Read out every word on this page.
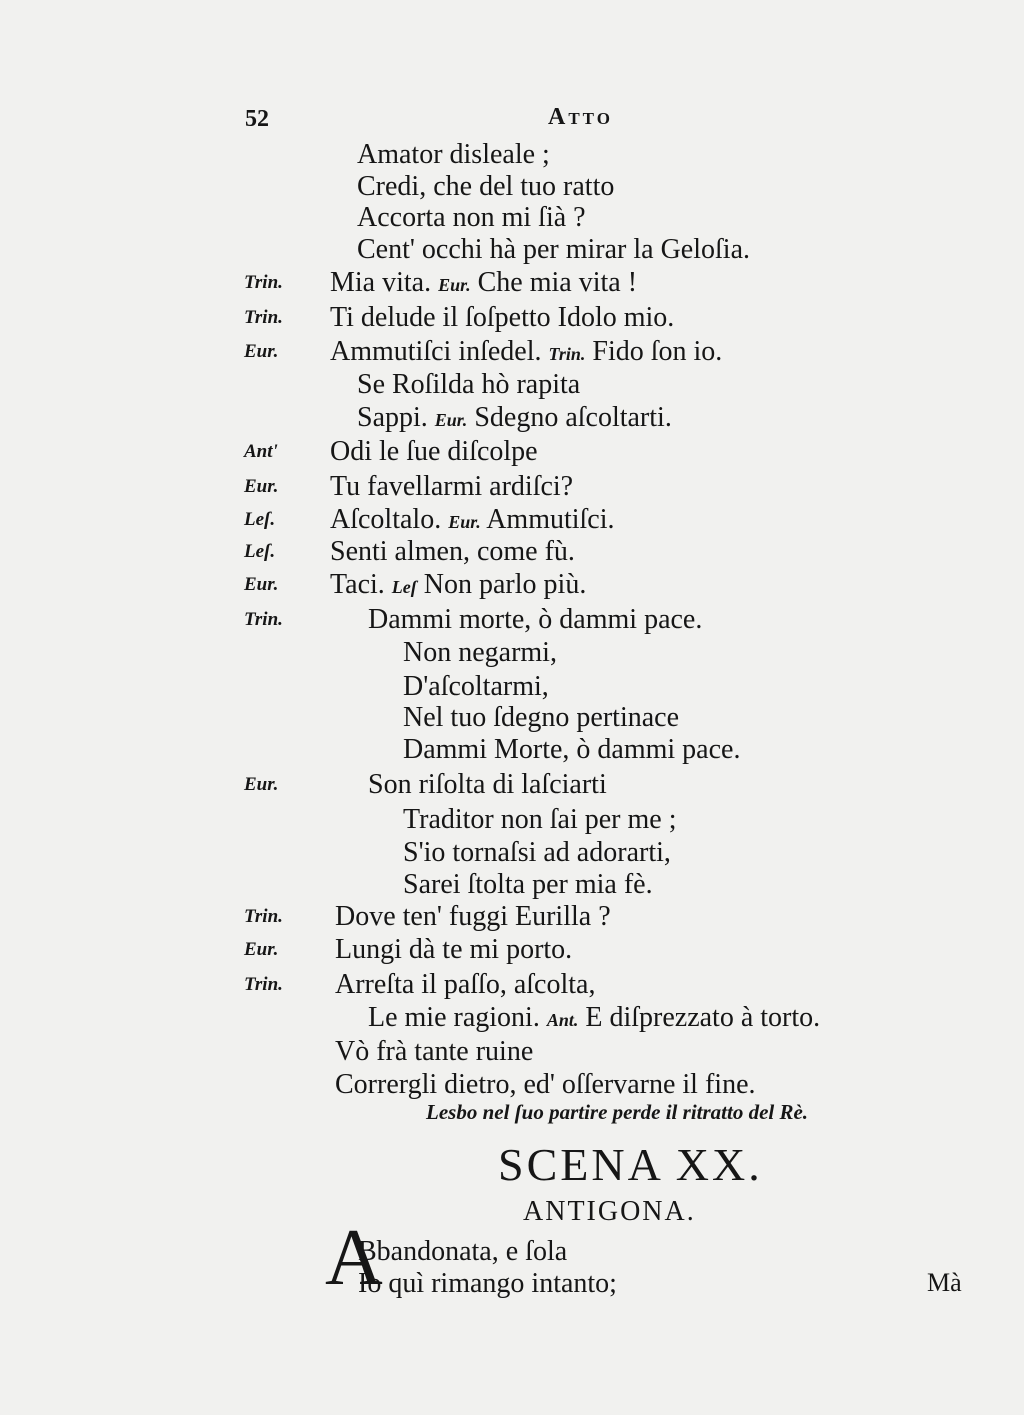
52	Atto
Amator disleale ;
Credi, che del tuo ratto
Accorta non mi ſià ?
Cent' occhi hà per mirar la Geloſia.
Trin. Mia vita. Eur. Che mia vita !
Trin. Ti delude il ſoſpetto Idolo mio.
Eur. Ammutiſci inſedel. Trin. Fido ſon io.
Se Roſilda hò rapita
Sappi. Eur. Sdegno aſcoltarti.
Ant' Odi le ſue diſcolpe
Eur. Tu favellarmi ardiſci?
Leſ. Aſcoltalo. Eur. Ammutiſci.
Leſ. Senti almen, come fù.
Eur. Taci. Leſ Non parlo più.
Trin.	Dammi morte, ò dammi pace.
Non negarmi,
D'aſcoltarmi,
Nel tuo ſdegno pertinace
Dammi Morte, ò dammi pace.
Eur.	Son riſolta di laſciarti
Traditor non ſai per me ;
S'io tornaſsi ad adorarti,
Sarei ſtolta per mia fè.
Trin. Dove ten' fuggi Eurilla ?
Eur. Lungi dà te mi porto.
Trin. Arreſta il paſſo, aſcolta,
Le mie ragioni. Ant. E diſprezzato à torto.
Vò frà tante ruine
Corrergli dietro, ed' oſſervarne il fine.
Lesbo nel ſuo partire perde il ritratto del Rè.
SCENA XX.
ANTIGONA.
A
Bbandonata, e ſola
Io quì rimango intanto;	Mà
